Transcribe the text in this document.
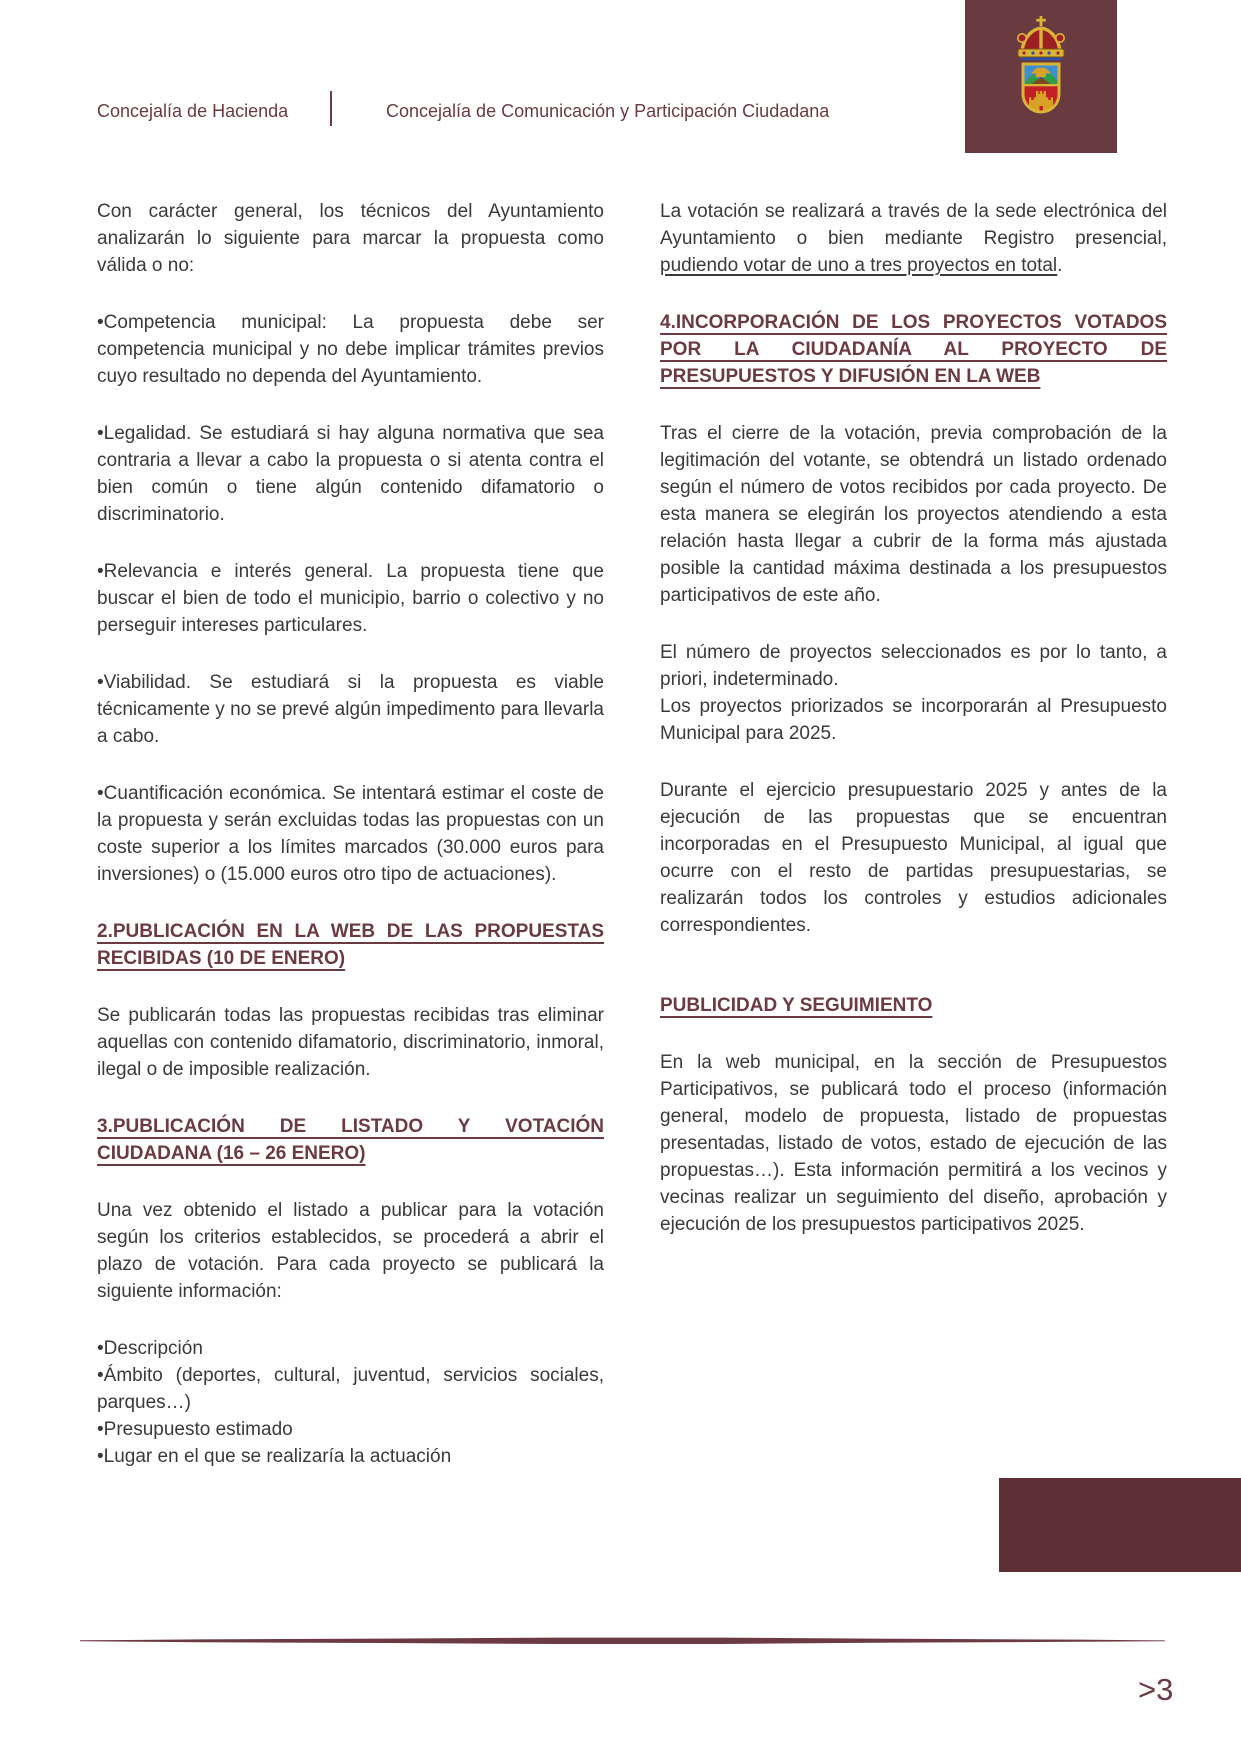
Concejalía de Hacienda	Concejalía de Comunicación y Participación Ciudadana

Con carácter general, los técnicos del Ayuntamiento analizarán lo siguiente para marcar la propuesta como válida o no:

•Competencia municipal: La propuesta debe ser competencia municipal y no debe implicar trámites previos cuyo resultado no dependa del Ayuntamiento.

•Legalidad. Se estudiará si hay alguna normativa que sea contraria a llevar a cabo la propuesta o si atenta contra el bien común o tiene algún contenido difamatorio o discriminatorio.

•Relevancia e interés general. La propuesta tiene que buscar el bien de todo el municipio, barrio o colectivo y no perseguir intereses particulares.

•Viabilidad. Se estudiará si la propuesta es viable técnicamente y no se prevé algún impedimento para llevarla a cabo.

•Cuantificación económica. Se intentará estimar el coste de la propuesta y serán excluidas todas las propuestas con un coste superior a los límites marcados (30.000 euros para inversiones) o (15.000 euros otro tipo de actuaciones).

2.PUBLICACIÓN EN LA WEB DE LAS PROPUESTAS RECIBIDAS (10 DE ENERO)

Se publicarán todas las propuestas recibidas tras eliminar aquellas con contenido difamatorio, discriminatorio, inmoral, ilegal o de imposible realización.

3.PUBLICACIÓN DE LISTADO Y VOTACIÓN CIUDADANA (16 – 26 ENERO)

Una vez obtenido el listado a publicar para la votación según los criterios establecidos, se procederá a abrir el plazo de votación. Para cada proyecto se publicará la siguiente información:

•Descripción
•Ámbito (deportes, cultural, juventud, servicios sociales, parques…)
•Presupuesto estimado
•Lugar en el que se realizaría la actuación

La votación se realizará a través de la sede electrónica del Ayuntamiento o bien mediante Registro presencial, pudiendo votar de uno a tres proyectos en total.

4.INCORPORACIÓN DE LOS PROYECTOS VOTADOS POR LA CIUDADANÍA AL PROYECTO DE PRESUPUESTOS Y DIFUSIÓN EN LA WEB

Tras el cierre de la votación, previa comprobación de la legitimación del votante, se obtendrá un listado ordenado según el número de votos recibidos por cada proyecto. De esta manera se elegirán los proyectos atendiendo a esta relación hasta llegar a cubrir de la forma más ajustada posible la cantidad máxima destinada a los presupuestos participativos de este año.

El número de proyectos seleccionados es por lo tanto, a priori, indeterminado.
Los proyectos priorizados se incorporarán al Presupuesto Municipal para 2025.

Durante el ejercicio presupuestario 2025 y antes de la ejecución de las propuestas que se encuentran incorporadas en el Presupuesto Municipal, al igual que ocurre con el resto de partidas presupuestarias, se realizarán todos los controles y estudios adicionales correspondientes.

PUBLICIDAD Y SEGUIMIENTO

En la web municipal, en la sección de Presupuestos Participativos, se publicará todo el proceso (información general, modelo de propuesta, listado de propuestas presentadas, listado de votos, estado de ejecución de las propuestas…). Esta información permitirá a los vecinos y vecinas realizar un seguimiento del diseño, aprobación y ejecución de los presupuestos participativos 2025.

>3
